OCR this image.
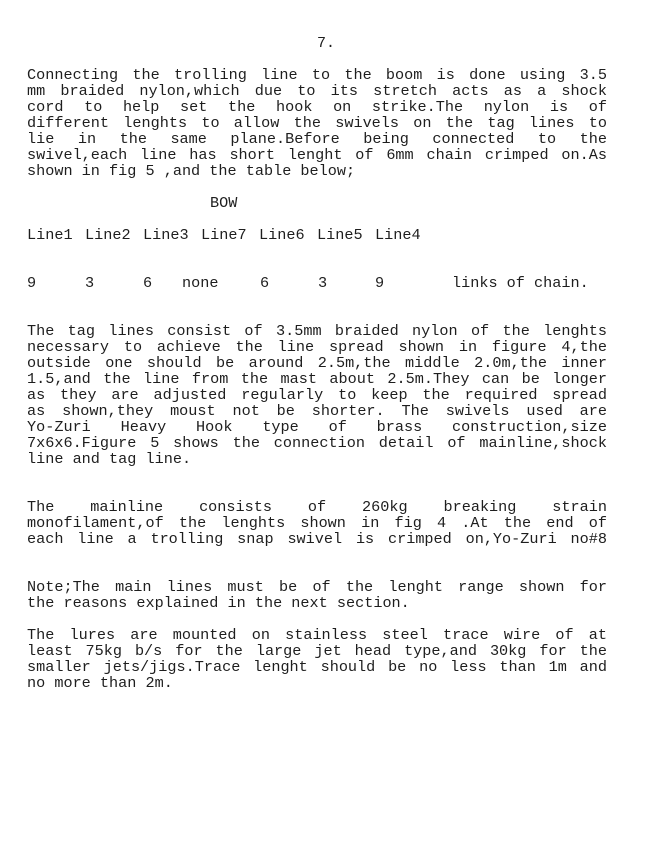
7.
Connecting the trolling line to the boom is done using 3.5
mm braided nylon,which due to its stretch acts as a shock
cord to help set the hook on strike.The nylon is of
different lenghts to allow the swivels on the tag lines to
lie in the same plane.Before being connected to the
swivel,each line has short lenght of 6mm chain crimped on.As
shown in fig 5 ,and the table below;
BOW
Line1 Line2 Line3 Line7 Line6 Line5 Line4
9	3	6 none	6	3	9	links of chain.
The tag lines consist of 3.5mm braided nylon of the lenghts
necessary to achieve the line spread shown in figure 4,the
outside one should be around 2.5m,the middle 2.0m,the inner
1.5,and the line from the mast about 2.5m.They can be longer
as they are adjusted regularly to keep the required spread
as shown,they moust not be shorter. The swivels used are
Yo-Zuri Heavy Hook type of brass construction,size
7x6x6.Figure 5 shows the connection detail of mainline,shock
line and tag line.
The mainline consists of 260kg breaking strain
monofilament,of the lenghts shown in fig 4 .At the end of
each line a trolling snap swivel is crimped on,Yo-Zuri no#8
Note;The main lines must be of the lenght range shown for
the reasons explained in the next section.
The lures are mounted on stainless steel trace wire of at
least 75kg b/s for the large jet head type,and 30kg for the
smaller jets/jigs.Trace lenght should be no less than 1m and
no more than 2m.
